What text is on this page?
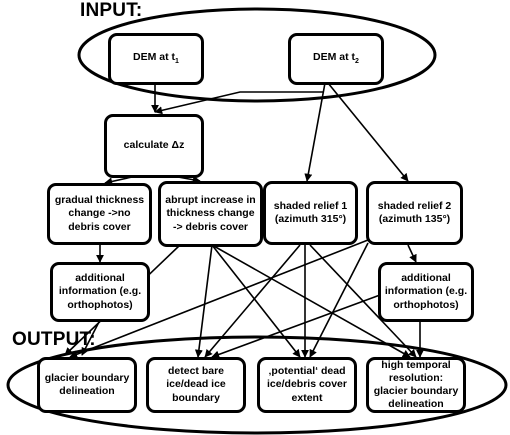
INPUT:
OUTPUT:
DEM at $t_1$	DEM at $t_2$
calculate Δz
gradual thickness change ->no debris cover
abrupt increase in thickness change -> debris cover
shaded relief 1 (azimuth 315°)
shaded relief 2 (azimuth 135°)
additional information (e.g. orthophotos)
additional information (e.g. orthophotos)
glacier boundary delineation
detect bare ice/dead ice boundary
‚potential‘ dead ice/debris cover extent
high temporal resolution: glacier boundary delineation
